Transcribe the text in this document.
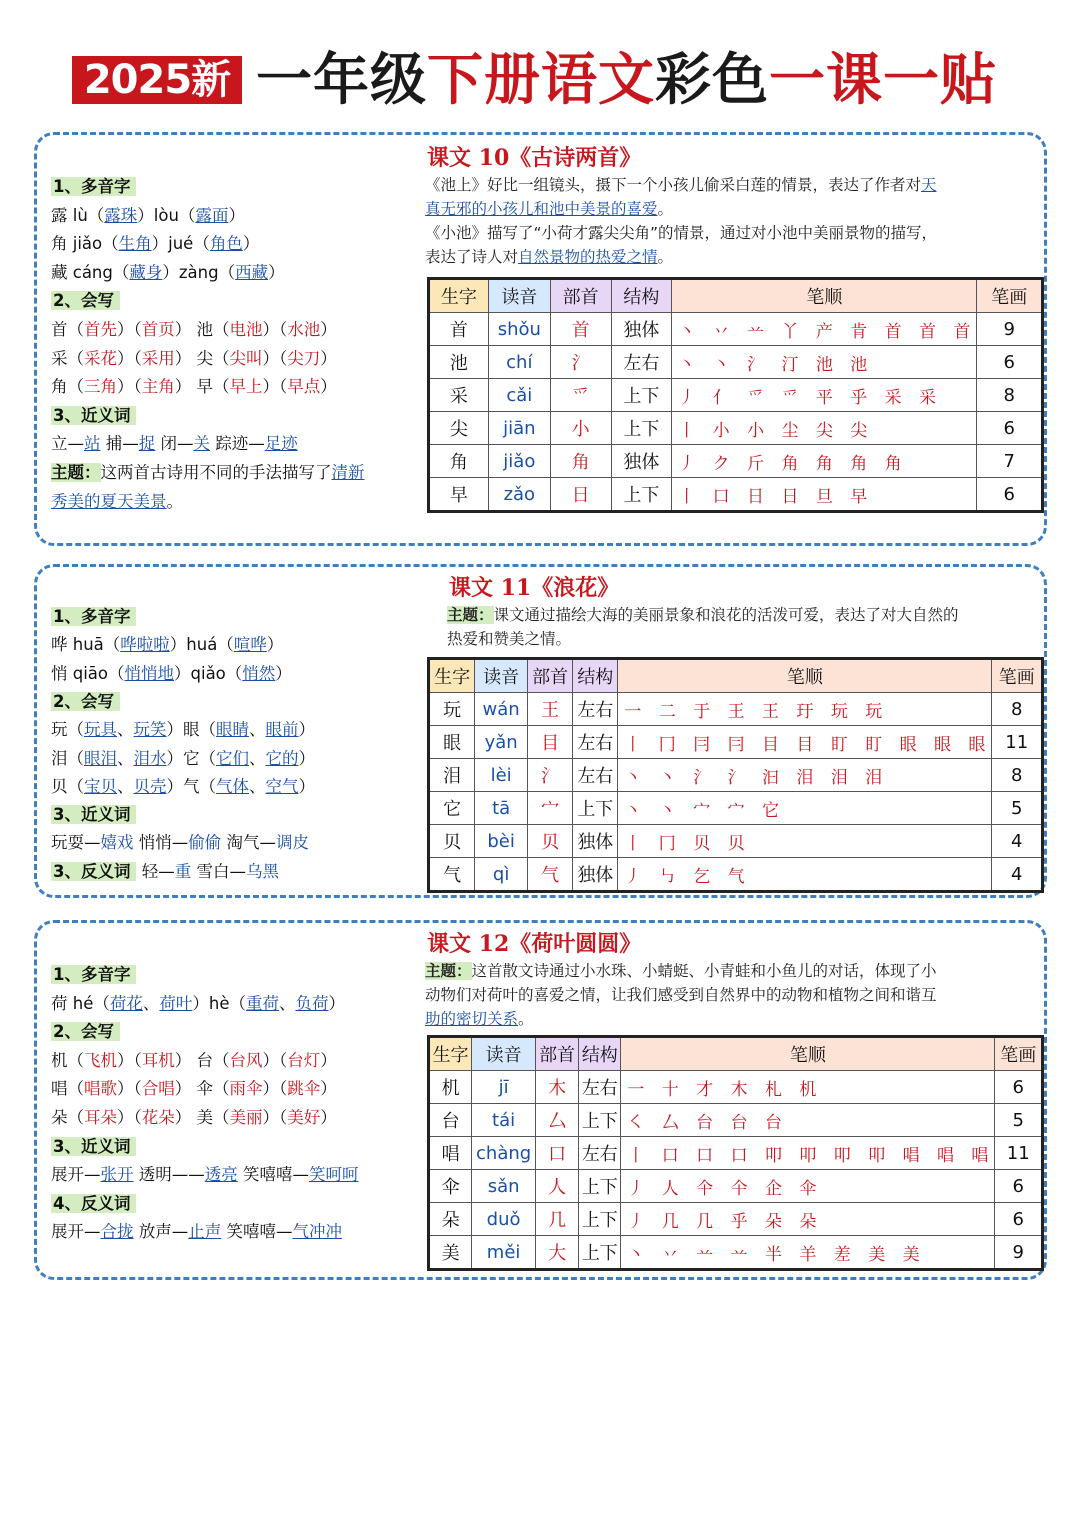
2025新 一年级下册语文彩色一课一贴
课文 10《古诗两首》
《池上》好比一组镜头，摄下一个小孩儿偷采白莲的情景，表达了作者对天
真无邪的小孩儿和池中美景的喜爱。
《小池》描写了“小荷才露尖尖角”的情景，通过对小池中美丽景物的描写，
表达了诗人对自然景物的热爱之情。
1、多音字
露 lù（露珠）lòu（露面）
角 jiǎo（生角）jué（角色）
藏 cáng（藏身）zàng（西藏）
2、会写
首（首先）（首页） 池（电池）（水池）
采（采花）（采用） 尖（尖叫）（尖刀）
角（三角）（主角） 早（早上）（早点）
3、近义词
立—站 捕—捉 闭—关 踪迹—足迹
主题：这两首古诗用不同的手法描写了清新
秀美的夏天美景。
生字	读音	部首	结构	笔顺	笔画
首	shǒu	首	独体	丶 丷 䒑 丫 产 肯 首 首 首	9
池	chí	氵	左右	丶 丶 氵 汀 池 池	6
采	cǎi	爫	上下	丿 亻 爫 爫 平 乎 采 采	8
尖	jiān	小	上下	丨 小 小 尘 尖 尖	6
角	jiǎo	角	独体	丿 ク 斤 角 角 角 角	7
早	zǎo	日	上下	丨 口 日 日 旦 早	6
课文 11《浪花》
主题：课文通过描绘大海的美丽景象和浪花的活泼可爱，表达了对大自然的
热爱和赞美之情。
1、多音字
哗 huā（哗啦啦）huá（喧哗）
悄 qiāo（悄悄地）qiǎo（悄然）
2、会写
玩（玩具、玩笑）眼（眼睛、眼前）
泪（眼泪、泪水）它（它们、它的）
贝（宝贝、贝壳）气（气体、空气）
3、近义词
玩耍—嬉戏 悄悄—偷偷 淘气—调皮
3、反义词 轻—重 雪白—乌黑
生字	读音	部首	结构	笔顺	笔画
玩	wán	王	左右	一 二 于 王 王 玗 玩 玩	8
眼	yǎn	目	左右	丨 冂 冃 冃 目 目 盯 盯 眼 眼 眼	11
泪	lèi	氵	左右	丶 丶 氵 氵 汩 泪 泪 泪	8
它	tā	宀	上下	丶 丶 宀 宀 它	5
贝	bèi	贝	独体	丨 冂 贝 贝	4
气	qì	气	独体	丿 ㇉ 乞 气	4
课文 12《荷叶圆圆》
主题：这首散文诗通过小水珠、小蜻蜓、小青蛙和小鱼儿的对话，体现了小
动物们对荷叶的喜爱之情，让我们感受到自然界中的动物和植物之间和谐互
助的密切关系。
1、多音字
荷 hé（荷花、荷叶）hè（重荷、负荷）
2、会写
机（飞机）（耳机） 台（台风）（台灯）
唱（唱歌）（合唱） 伞（雨伞）（跳伞）
朵（耳朵）（花朵） 美（美丽）（美好）
3、近义词
展开—张开 透明——透亮 笑嘻嘻—笑呵呵
4、反义词
展开—合拢 放声—止声 笑嘻嘻—气冲冲
生字	读音	部首	结构	笔顺	笔画
机	jī	木	左右	一 十 才 木 札 机	6
台	tái	厶	上下	㇛ 厶 台 台 台	5
唱	chàng	口	左右	丨 口 口 口 叩 叩 叩 叩 唱 唱 唱	11
伞	sǎn	人	上下	丿 人 仐 仐 企 伞	6
朵	duǒ	几	上下	丿 几 几 乎 朵 朵	6
美	měi	大	上下	丶 丷 䒑 䒑 半 羊 差 美 美	9
